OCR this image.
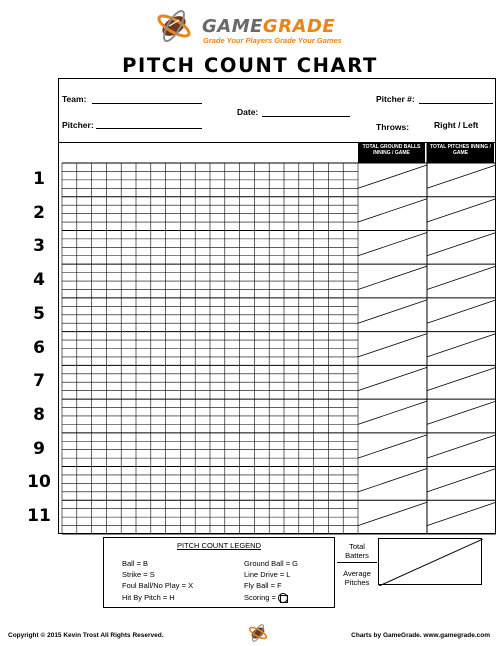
GAMEGRADE
Grade Your Players Grade Your Games
PITCH COUNT CHART
Team:
Pitcher:
Date:
Pitcher #:
Throws:	Right / Left
TOTAL GROUND BALLS INNING / GAME
TOTAL PITCHES INNING / GAME
1
2
3
4
5
6
7
8
9
10
11
PITCH COUNT LEGEND
Ball = B
Strike = S
Foul Ball/No Play = X
Hit By Pitch = H
Ground Ball = G
Line Drive = L
Fly Ball = F
Scoring =
Total Batters
Average Pitches
Copyright © 2015 Kevin Trost All Rights Reserved.	Charts by GameGrade. www.gamegrade.com
